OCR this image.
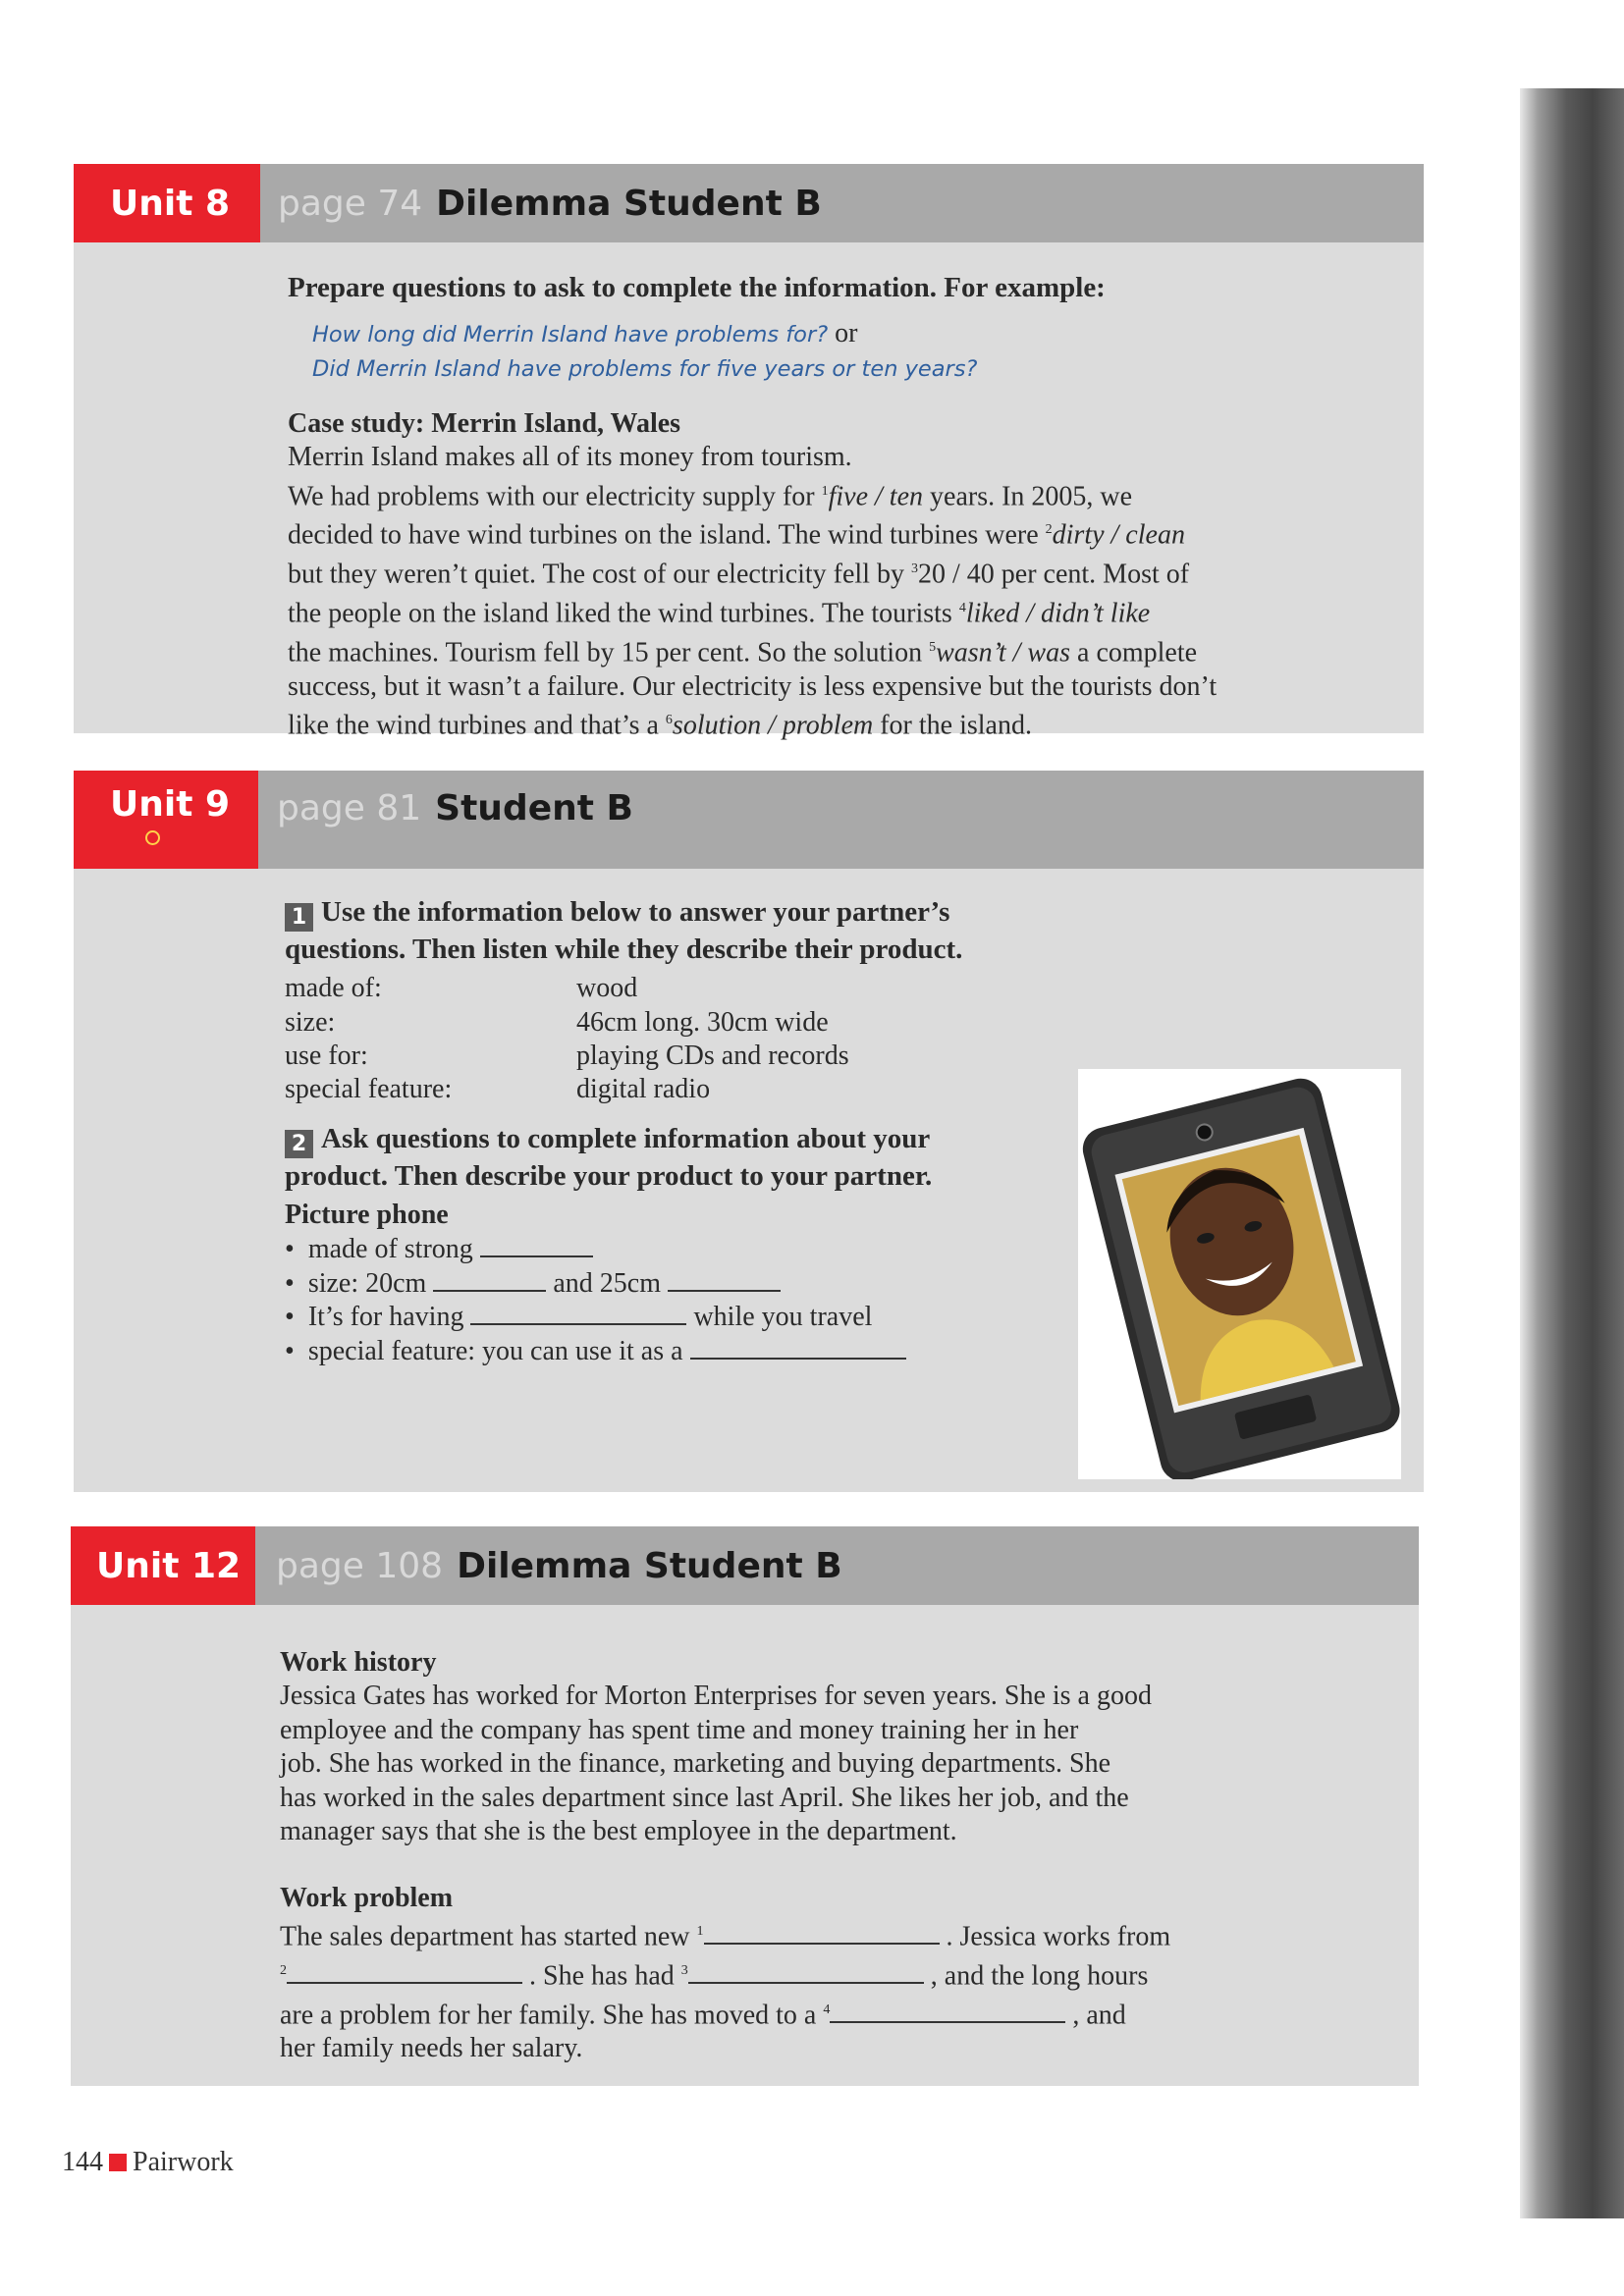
Unit 8	page 74 Dilemma Student B
Prepare questions to ask to complete the information. For example:
How long did Merrin Island have problems for? or
Did Merrin Island have problems for five years or ten years?
Case study: Merrin Island, Wales
Merrin Island makes all of its money from tourism.
We had problems with our electricity supply for $^1$five / ten years. In 2005, we
decided to have wind turbines on the island. The wind turbines were $^2$dirty / clean
but they weren’t quiet. The cost of our electricity fell by $^3$20 / 40 per cent. Most of
the people on the island liked the wind turbines. The tourists $^4$liked / didn’t like
the machines. Tourism fell by 15 per cent. So the solution $^5$wasn’t / was a complete
success, but it wasn’t a failure. Our electricity is less expensive but the tourists don’t
like the wind turbines and that’s a $^6$solution / problem for the island.
Unit 9 page 81 Student B
1 Use the information below to answer your partner’s
questions. Then listen while they describe their product.
made of:	wood
size:	46cm long. 30cm wide
use for:	playing CDs and records
special feature:	digital radio
2 Ask questions to complete information about your
product. Then describe your product to your partner.
Picture phone
• made of strong
• size: 20cm	and 25cm
• It’s for having	while you travel
• special feature: you can use it as a
Unit 12 page 108 Dilemma Student B
Work history
Jessica Gates has worked for Morton Enterprises for seven years. She is a good
employee and the company has spent time and money training her in her
job. She has worked in the finance, marketing and buying departments. She
has worked in the sales department since last April. She likes her job, and the
manager says that she is the best employee in the department.
Work problem
The sales department has started new $^1$	. Jessica works from
$^2$	. She has had $^3$	, and the long hours
are a problem for her family. She has moved to a $^4$	, and
her family needs her salary.
144 Pairwork
